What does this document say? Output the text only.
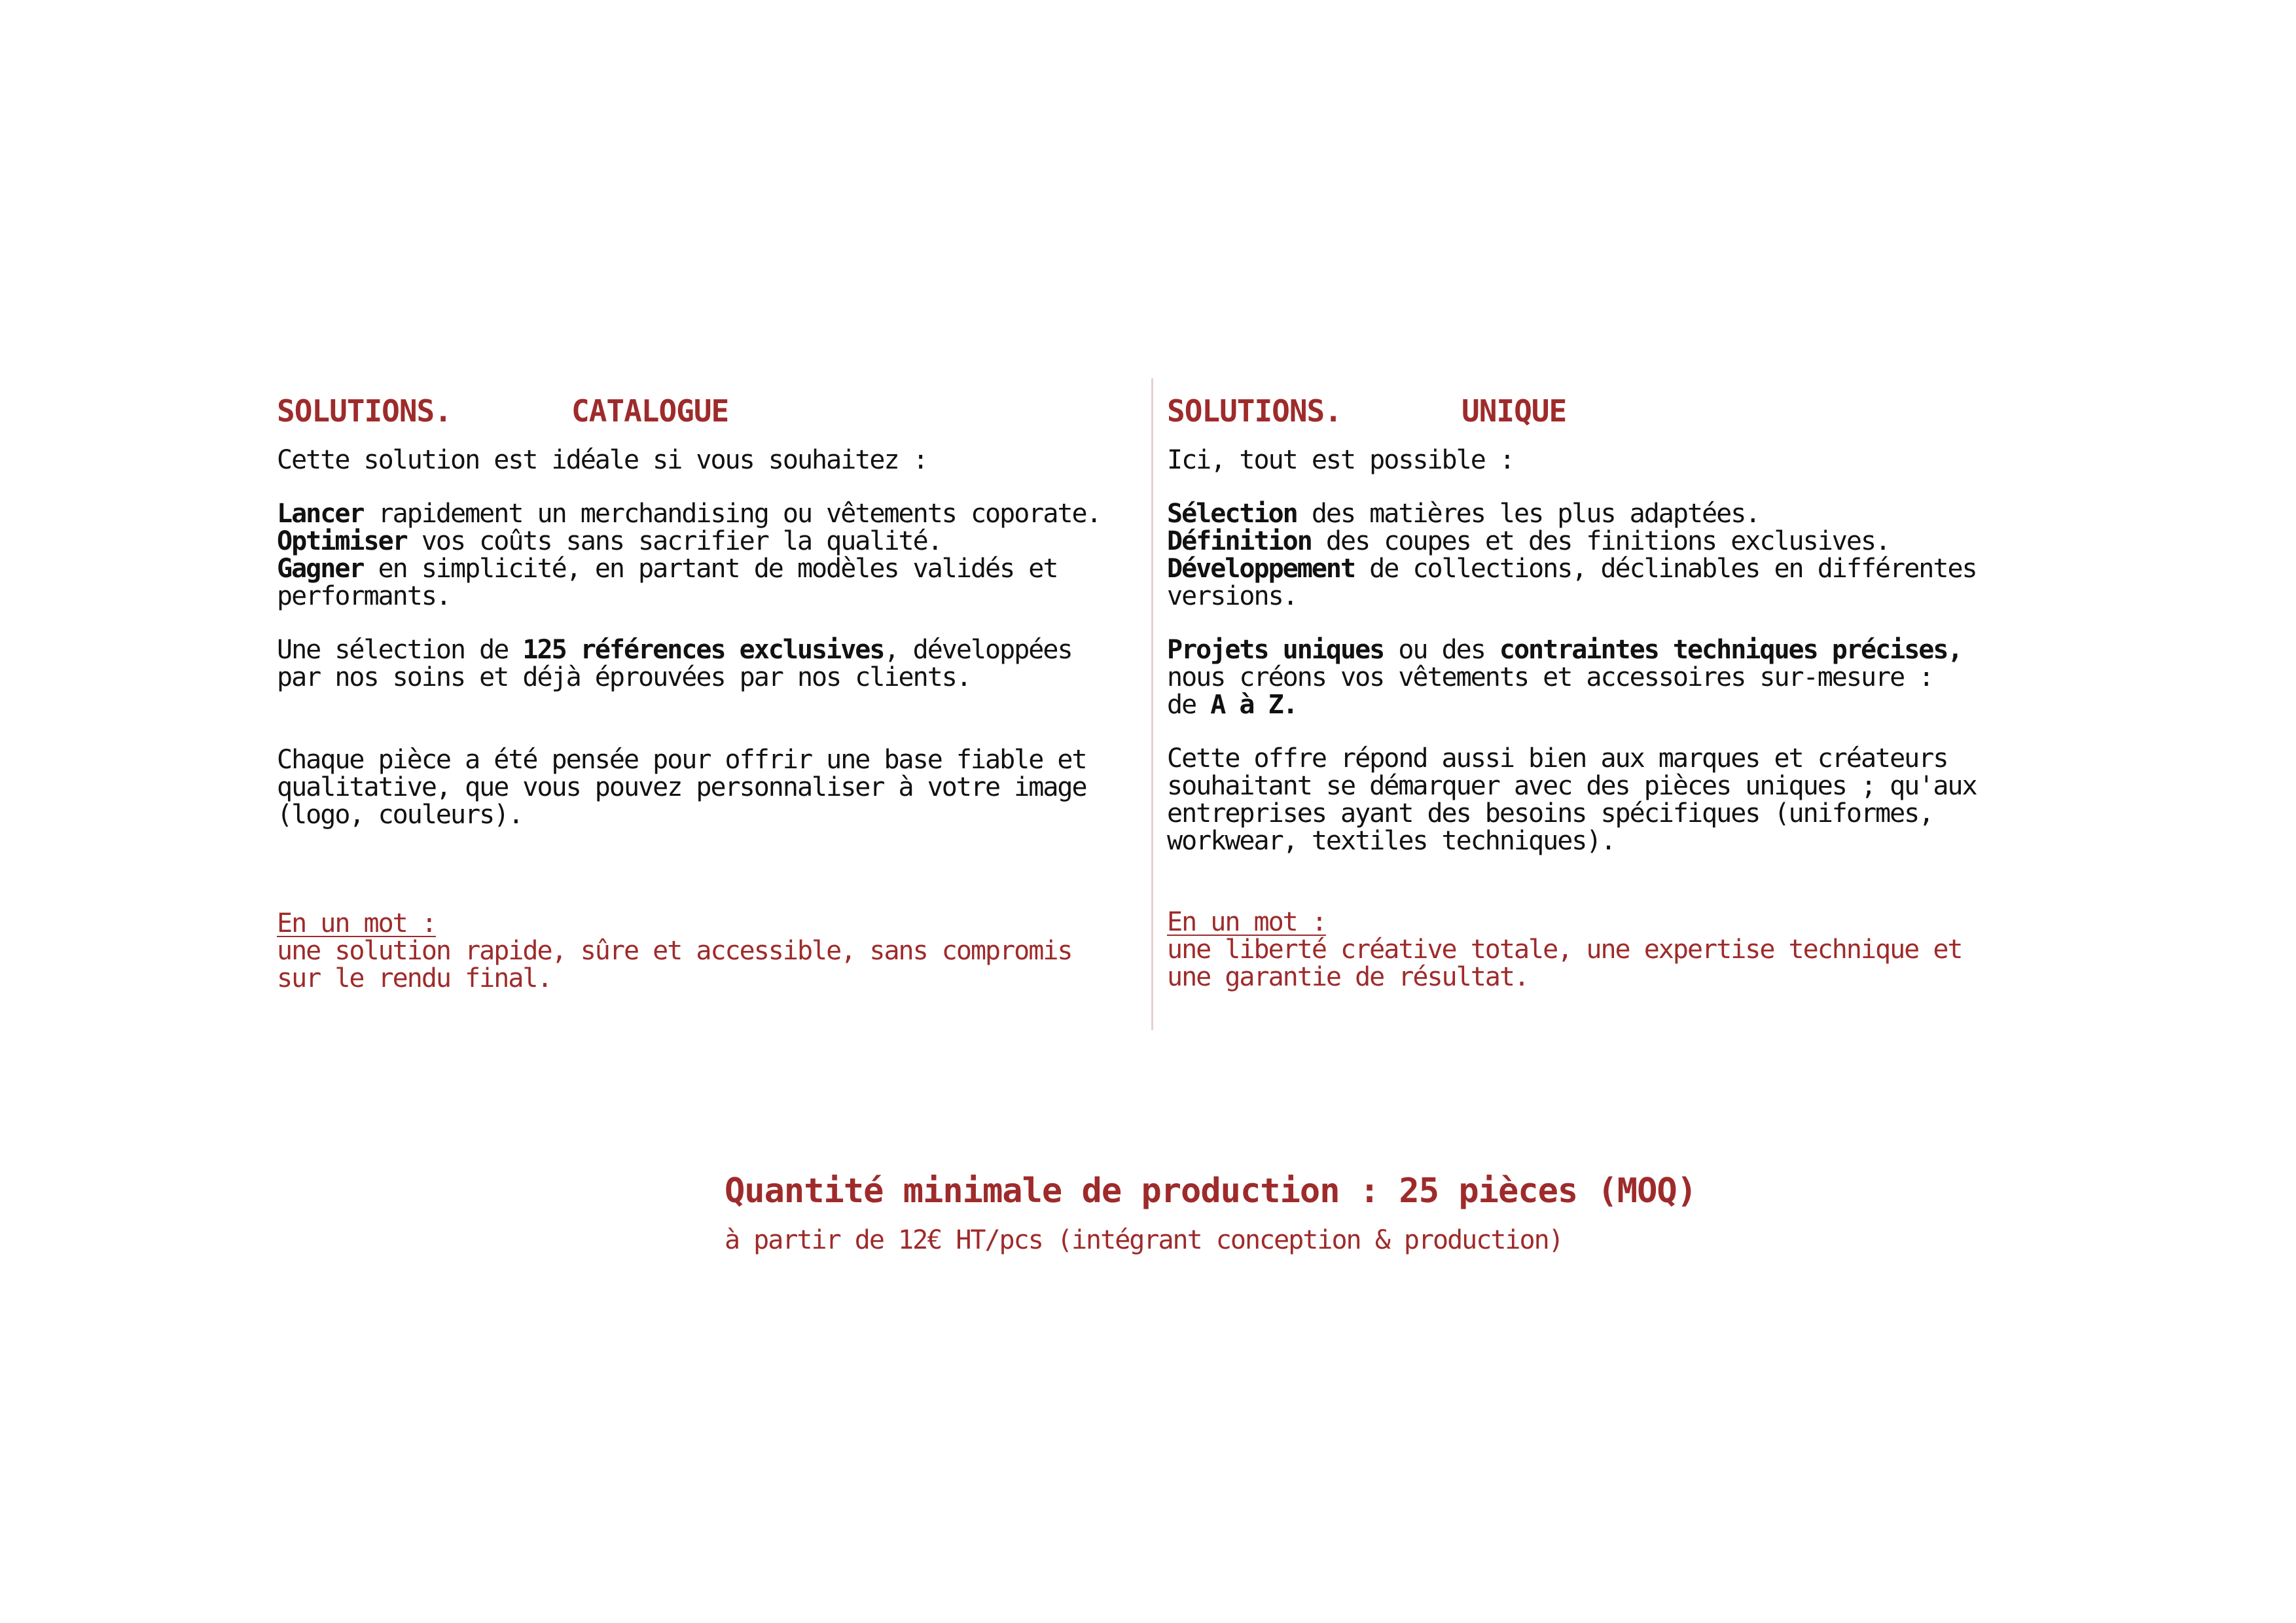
SOLUTIONS.	CATALOGUE
Cette solution est idéale si vous souhaitez :
Lancer rapidement un merchandising ou vêtements coporate.
Optimiser vos coûts sans sacrifier la qualité.
Gagner en simplicité, en partant de modèles validés et
performants.
Une sélection de 125 références exclusives, développées
par nos soins et déjà éprouvées par nos clients.
Chaque pièce a été pensée pour offrir une base fiable et
qualitative, que vous pouvez personnaliser à votre image
(logo, couleurs).
En un mot :
une solution rapide, sûre et accessible, sans compromis
sur le rendu final.
SOLUTIONS.	UNIQUE
Ici, tout est possible :
Sélection des matières les plus adaptées.
Définition des coupes et des finitions exclusives.
Développement de collections, déclinables en différentes
versions.
Projets uniques ou des contraintes techniques précises,
nous créons vos vêtements et accessoires sur-mesure :
de A à Z.
Cette offre répond aussi bien aux marques et créateurs
souhaitant se démarquer avec des pièces uniques ; qu'aux
entreprises ayant des besoins spécifiques (uniformes,
workwear, textiles techniques).
En un mot :
une liberté créative totale, une expertise technique et
une garantie de résultat.
Quantité minimale de production : 25 pièces (MOQ)
à partir de 12€ HT/pcs (intégrant conception & production)
